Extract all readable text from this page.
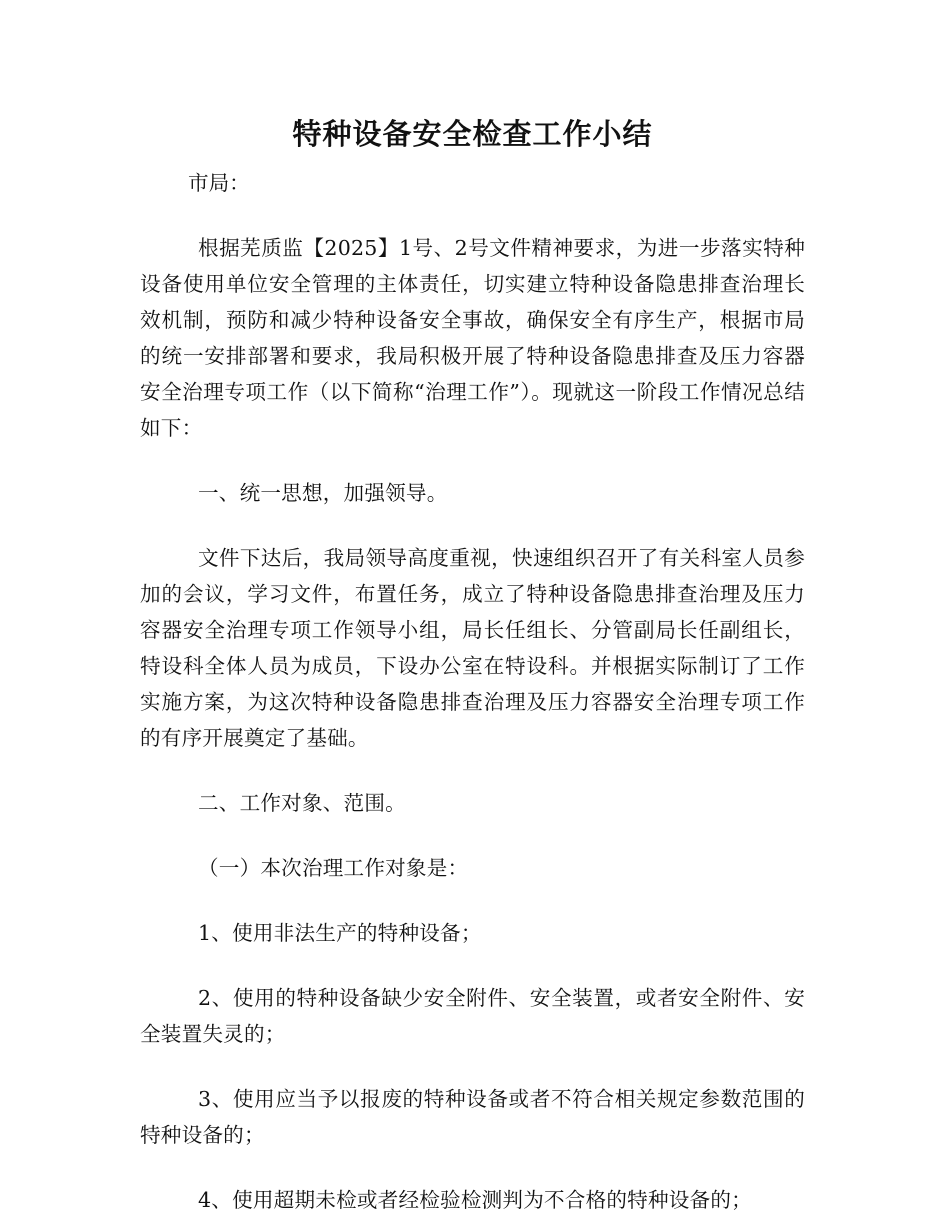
特种设备安全检查工作小结

市局：

根据芜质监【2025】1号、2号文件精神要求，为进一步落实特种设备使用单位安全管理的主体责任，切实建立特种设备隐患排查治理长效机制，预防和减少特种设备安全事故，确保安全有序生产，根据市局的统一安排部署和要求，我局积极开展了特种设备隐患排查及压力容器安全治理专项工作（以下简称“治理工作”）。现就这一阶段工作情况总结如下：

一、统一思想，加强领导。

文件下达后，我局领导高度重视，快速组织召开了有关科室人员参加的会议，学习文件，布置任务，成立了特种设备隐患排查治理及压力容器安全治理专项工作领导小组，局长任组长、分管副局长任副组长，特设科全体人员为成员，下设办公室在特设科。并根据实际制订了工作实施方案，为这次特种设备隐患排查治理及压力容器安全治理专项工作的有序开展奠定了基础。

二、工作对象、范围。

（一）本次治理工作对象是：

1、使用非法生产的特种设备；

2、使用的特种设备缺少安全附件、安全装置，或者安全附件、安全装置失灵的；

3、使用应当予以报废的特种设备或者不符合相关规定参数范围的特种设备的；

4、使用超期未检或者经检验检测判为不合格的特种设备的；
